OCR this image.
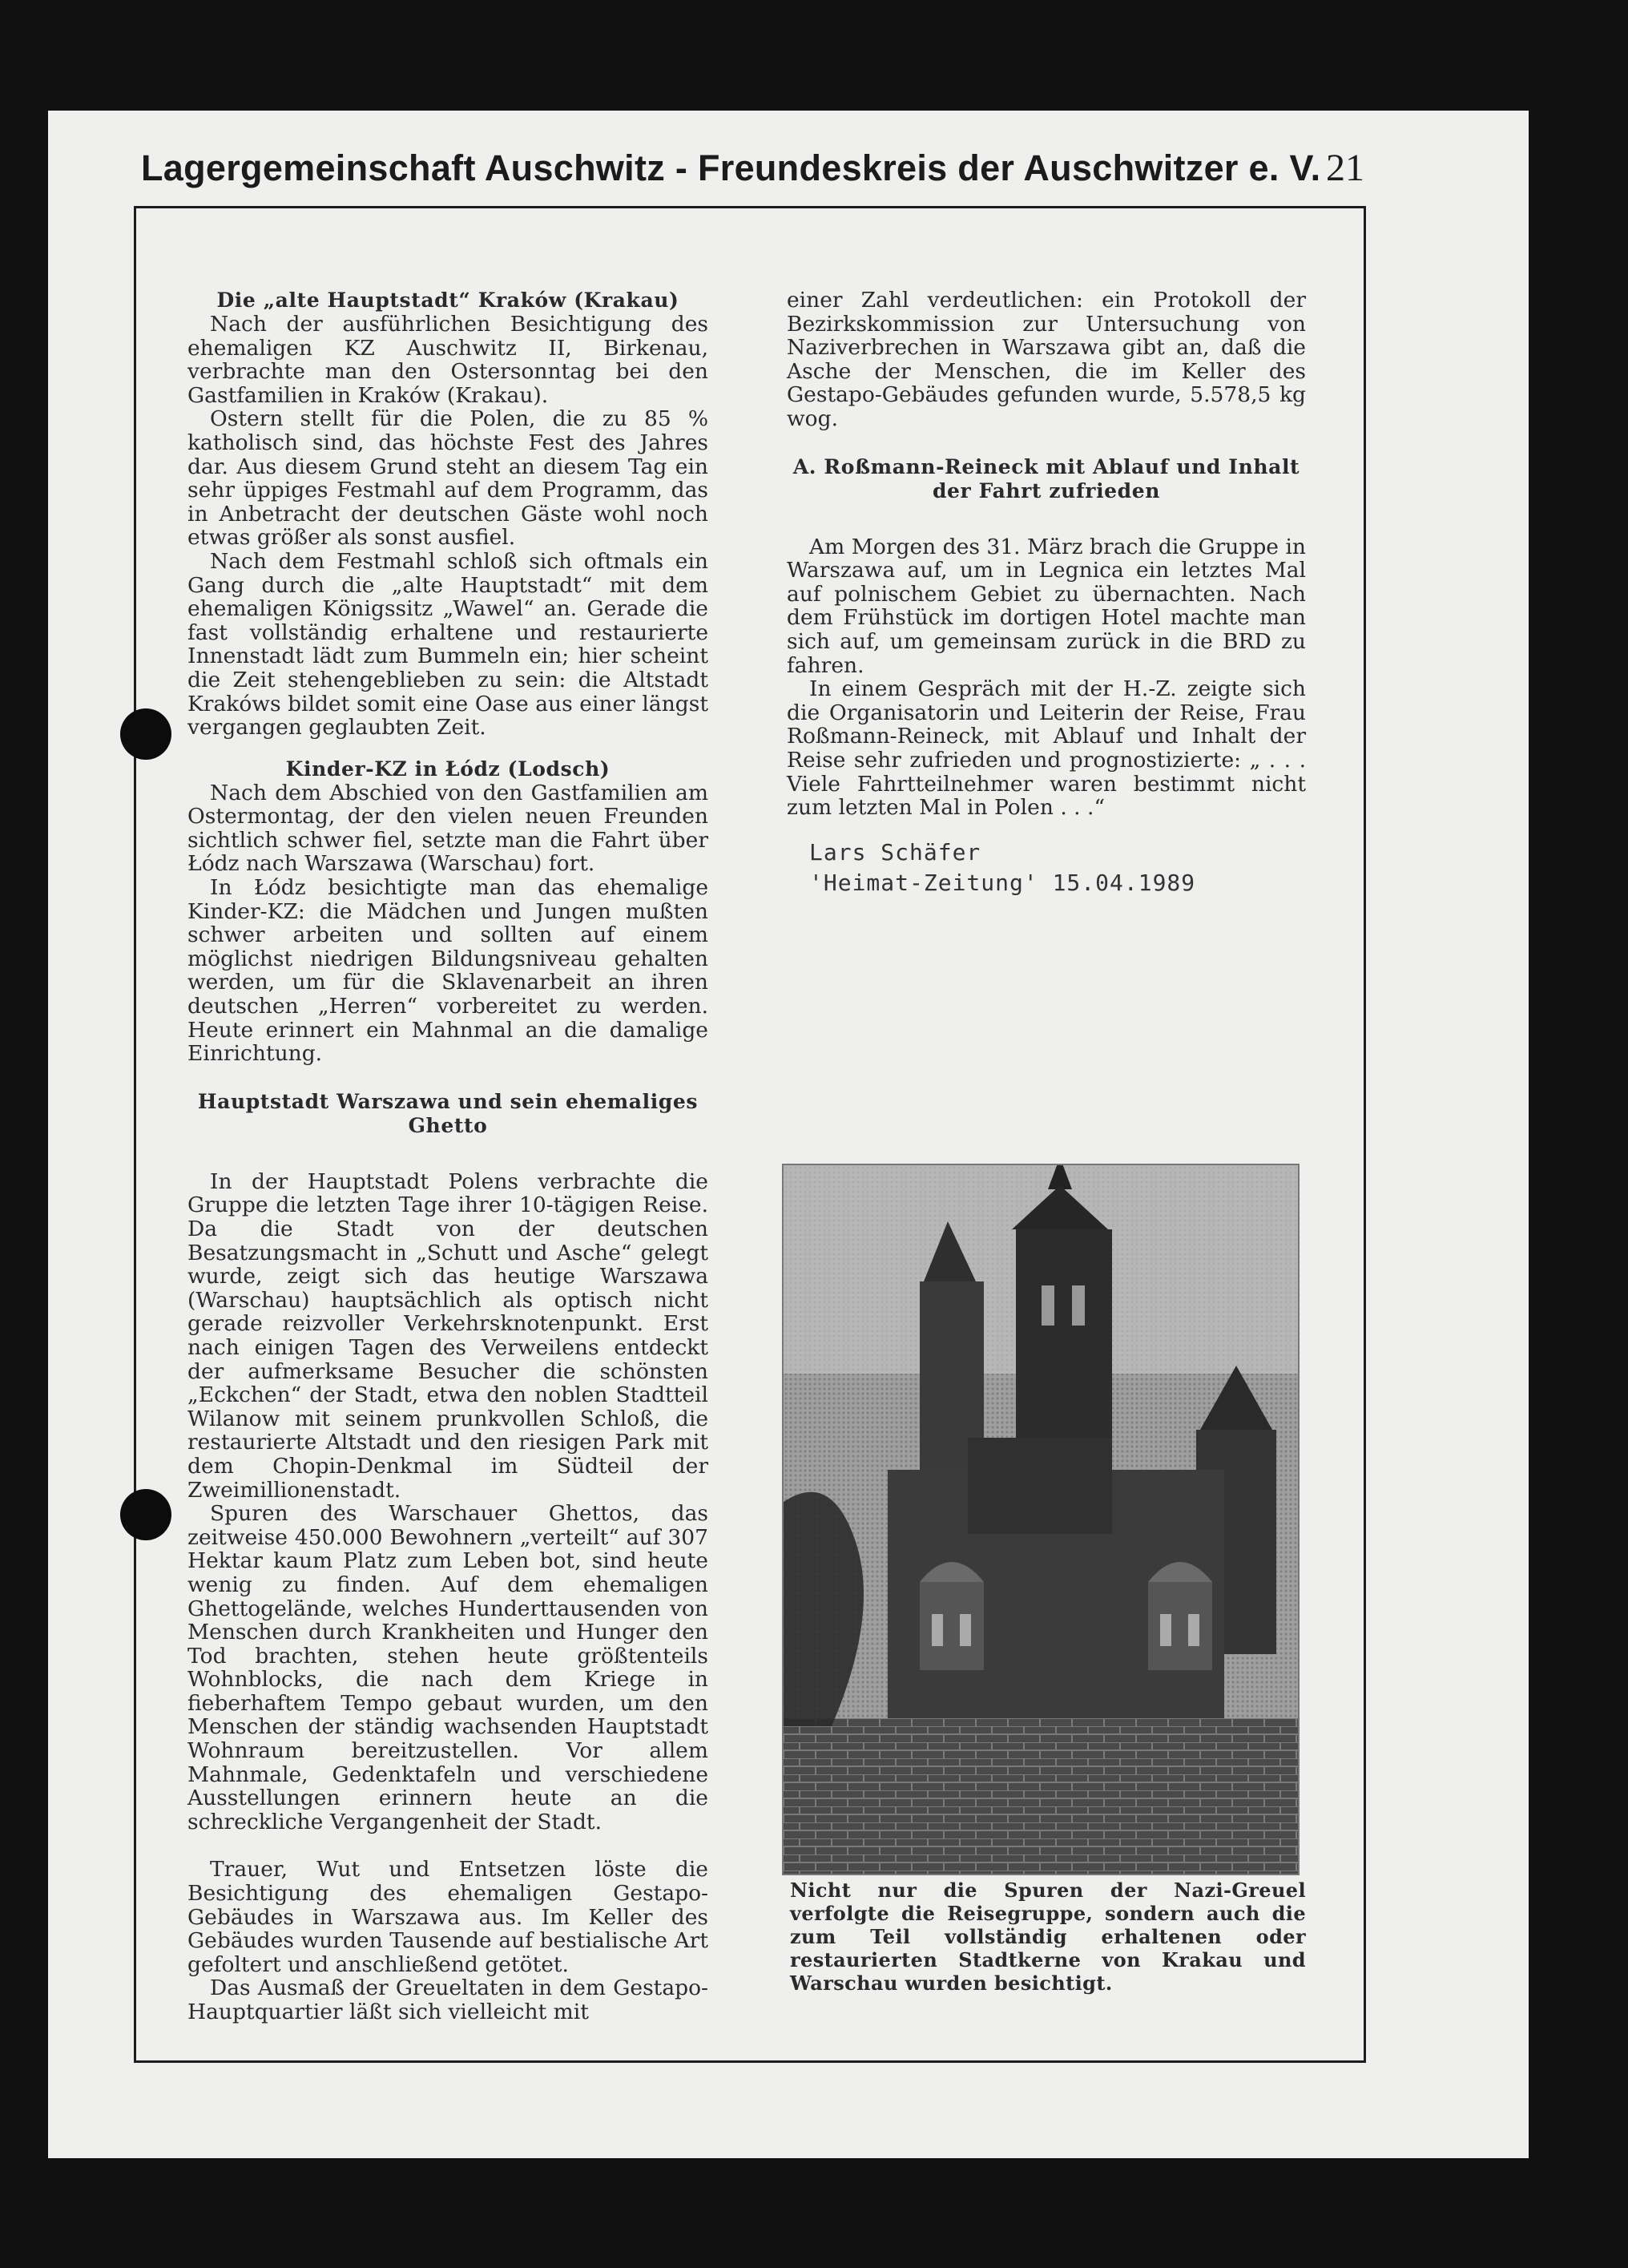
Lagergemeinschaft Auschwitz - Freundeskreis der Auschwitzer e. V. 21
Die „alte Hauptstadt“ Kraków (Krakau)

Nach der ausführlichen Besichtigung des ehemaligen KZ Auschwitz II, Birkenau, verbrachte man den Ostersonntag bei den Gastfamilien in Kraków (Krakau).

Ostern stellt für die Polen, die zu 85 % katholisch sind, das höchste Fest des Jahres dar. Aus diesem Grund steht an diesem Tag ein sehr üppiges Festmahl auf dem Programm, das in Anbetracht der deutschen Gäste wohl noch etwas größer als sonst ausfiel.

Nach dem Festmahl schloß sich oftmals ein Gang durch die „alte Hauptstadt“ mit dem ehemaligen Königssitz „Wawel“ an. Gerade die fast vollständig erhaltene und restaurierte Innenstadt lädt zum Bummeln ein; hier scheint die Zeit stehengeblieben zu sein: die Altstadt Krakóws bildet somit eine Oase aus einer längst vergangen geglaubten Zeit.

Kinder-KZ in Łódz (Lodsch)

Nach dem Abschied von den Gastfamilien am Ostermontag, der den vielen neuen Freunden sichtlich schwer fiel, setzte man die Fahrt über Łódz nach Warszawa (Warschau) fort.

In Łódz besichtigte man das ehemalige Kinder-KZ: die Mädchen und Jungen mußten schwer arbeiten und sollten auf einem möglichst niedrigen Bildungsniveau gehalten werden, um für die Sklavenarbeit an ihren deutschen „Herren“ vorbereitet zu werden. Heute erinnert ein Mahnmal an die damalige Einrichtung.

Hauptstadt Warszawa und sein ehemaliges
Ghetto

In der Hauptstadt Polens verbrachte die Gruppe die letzten Tage ihrer 10-tägigen Reise. Da die Stadt von der deutschen Besatzungsmacht in „Schutt und Asche“ gelegt wurde, zeigt sich das heutige Warszawa (Warschau) hauptsächlich als optisch nicht gerade reizvoller Verkehrsknotenpunkt. Erst nach einigen Tagen des Verweilens entdeckt der aufmerksame Besucher die schönsten „Eckchen“ der Stadt, etwa den noblen Stadtteil Wilanow mit seinem prunkvollen Schloß, die restaurierte Altstadt und den riesigen Park mit dem Chopin-Denkmal im Südteil der Zweimillionenstadt.

Spuren des Warschauer Ghettos, das zeitweise 450.000 Bewohnern „verteilt“ auf 307 Hektar kaum Platz zum Leben bot, sind heute wenig zu finden. Auf dem ehemaligen Ghettogelände, welches Hunderttausenden von Menschen durch Krankheiten und Hunger den Tod brachten, stehen heute größtenteils Wohnblocks, die nach dem Kriege in fieberhaftem Tempo gebaut wurden, um den Menschen der ständig wachsenden Hauptstadt Wohnraum bereitzustellen. Vor allem Mahnmale, Gedenktafeln und verschiedene Ausstellungen erinnern heute an die schreckliche Vergangenheit der Stadt.

Trauer, Wut und Entsetzen löste die Besichtigung des ehemaligen Gestapo-Gebäudes in Warszawa aus. Im Keller des Gebäudes wurden Tausende auf bestialische Art gefoltert und anschließend getötet.

Das Ausmaß der Greueltaten in dem Gestapo-Hauptquartier läßt sich vielleicht mit

einer Zahl verdeutlichen: ein Protokoll der Bezirkskommission zur Untersuchung von Naziverbrechen in Warszawa gibt an, daß die Asche der Menschen, die im Keller des Gestapo-Gebäudes gefunden wurde, 5.578,5 kg wog.

A. Roßmann-Reineck mit Ablauf und Inhalt
der Fahrt zufrieden

Am Morgen des 31. März brach die Gruppe in Warszawa auf, um in Legnica ein letztes Mal auf polnischem Gebiet zu übernachten. Nach dem Frühstück im dortigen Hotel machte man sich auf, um gemeinsam zurück in die BRD zu fahren.

In einem Gespräch mit der H.-Z. zeigte sich die Organisatorin und Leiterin der Reise, Frau Roßmann-Reineck, mit Ablauf und Inhalt der Reise sehr zufrieden und prognostizierte: „ . . . Viele Fahrtteilnehmer waren bestimmt nicht zum letzten Mal in Polen . . .“

Lars Schäfer

'Heimat-Zeitung' 15.04.1989

Nicht nur die Spuren der Nazi-Greuel verfolgte die Reisegruppe, sondern auch die zum Teil vollständig erhaltenen oder restaurierten Stadtkerne von Krakau und Warschau wurden besichtigt.
